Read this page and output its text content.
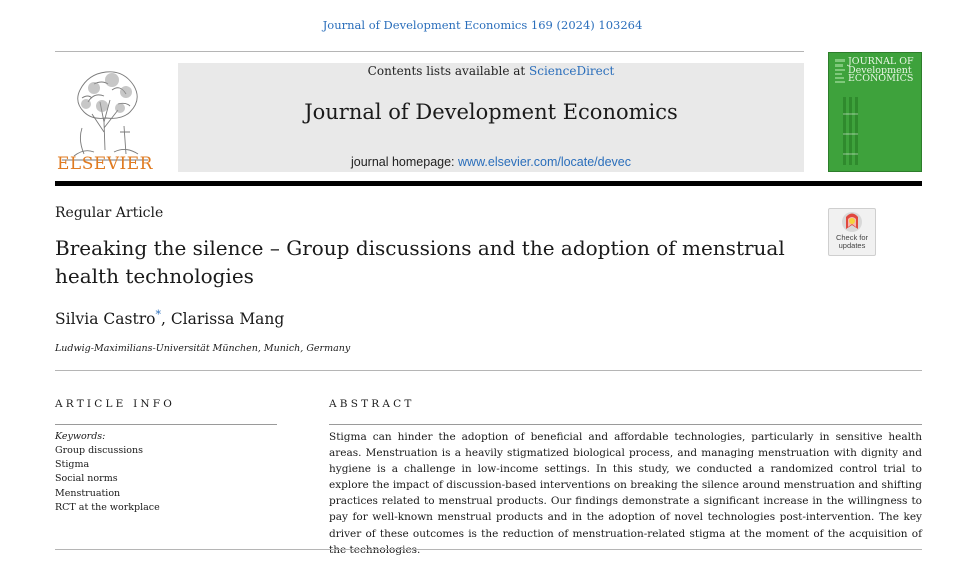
Journal of Development Economics 169 (2024) 103264
ELSEVIER
Contents lists available at ScienceDirect
Journal of Development Economics
journal homepage: www.elsevier.com/locate/devec
JOURNAL OF Development ECONOMICS
Regular Article
Breaking the silence – Group discussions and the adoption of menstrual health technologies
Silvia Castro*, Clarissa Mang
Ludwig-Maximilians-Universität München, Munich, Germany
Check for updates
ARTICLE INFO
Keywords:
Group discussions
Stigma
Social norms
Menstruation
RCT at the workplace
ABSTRACT
Stigma can hinder the adoption of beneficial and affordable technologies, particularly in sensitive health areas. Menstruation is a heavily stigmatized biological process, and managing menstruation with dignity and hygiene is a challenge in low-income settings. In this study, we conducted a randomized control trial to explore the impact of discussion-based interventions on breaking the silence around menstruation and shifting practices related to menstrual products. Our findings demonstrate a significant increase in the willingness to pay for well-known menstrual products and in the adoption of novel technologies post-intervention. The key driver of these outcomes is the reduction of menstruation-related stigma at the moment of the acquisition of
